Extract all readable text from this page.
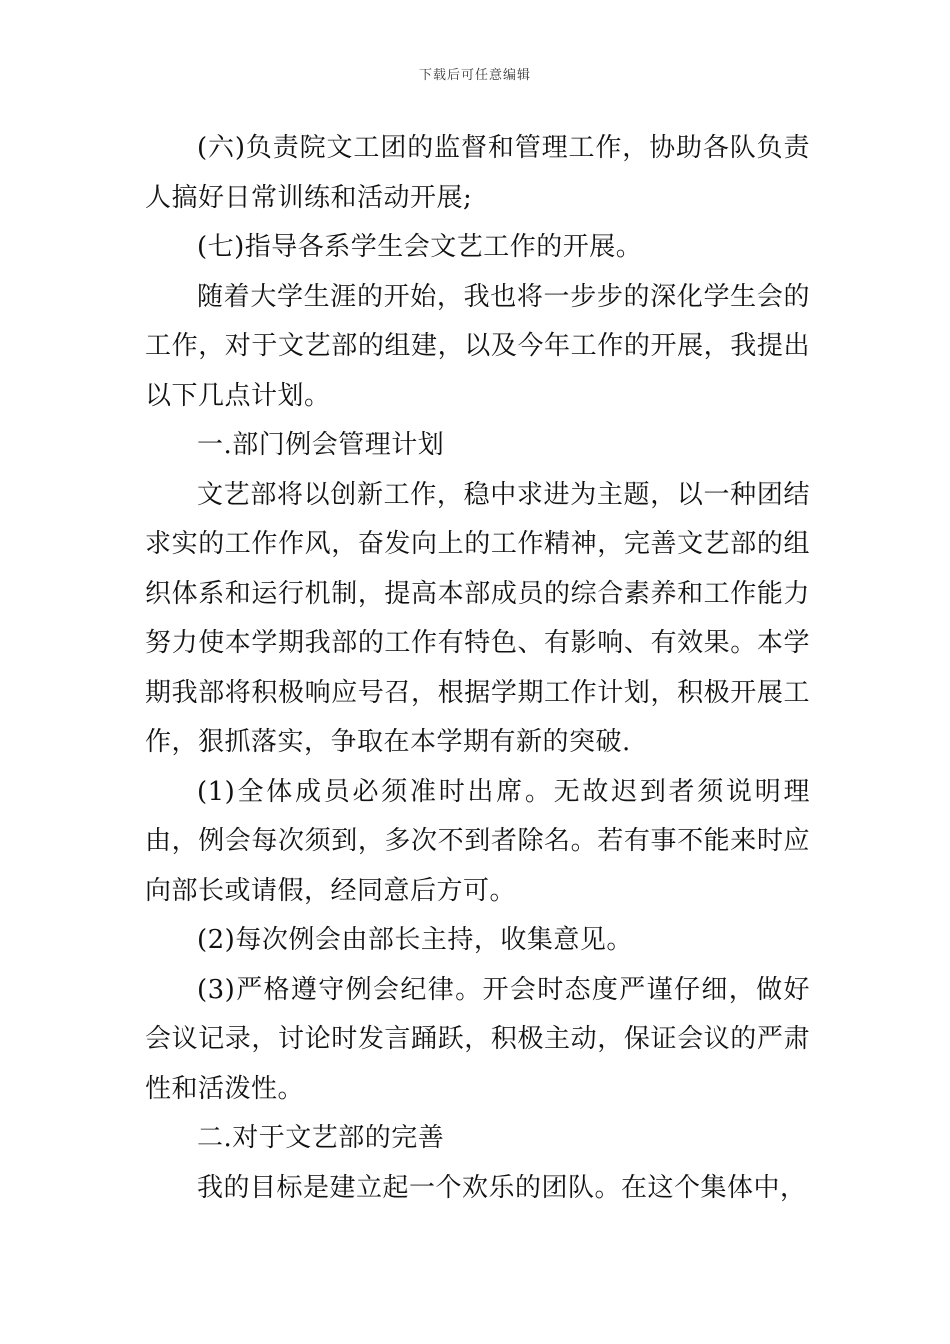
下载后可任意编辑

(六)负责院文工团的监督和管理工作，协助各队负责人搞好日常训练和活动开展;

(七)指导各系学生会文艺工作的开展。

随着大学生涯的开始，我也将一步步的深化学生会的工作，对于文艺部的组建，以及今年工作的开展，我提出以下几点计划。

一.部门例会管理计划

文艺部将以创新工作，稳中求进为主题，以一种团结求实的工作作风，奋发向上的工作精神，完善文艺部的组织体系和运行机制，提高本部成员的综合素养和工作能力努力使本学期我部的工作有特色、有影响、有效果。本学期我部将积极响应号召，根据学期工作计划，积极开展工作，狠抓落实，争取在本学期有新的突破.

(1)全体成员必须准时出席。无故迟到者须说明理由，例会每次须到，多次不到者除名。若有事不能来时应向部长或请假，经同意后方可。

(2)每次例会由部长主持，收集意见。

(3)严格遵守例会纪律。开会时态度严谨仔细，做好会议记录，讨论时发言踊跃，积极主动，保证会议的严肃性和活泼性。

二.对于文艺部的完善

我的目标是建立起一个欢乐的团队。在这个集体中，
